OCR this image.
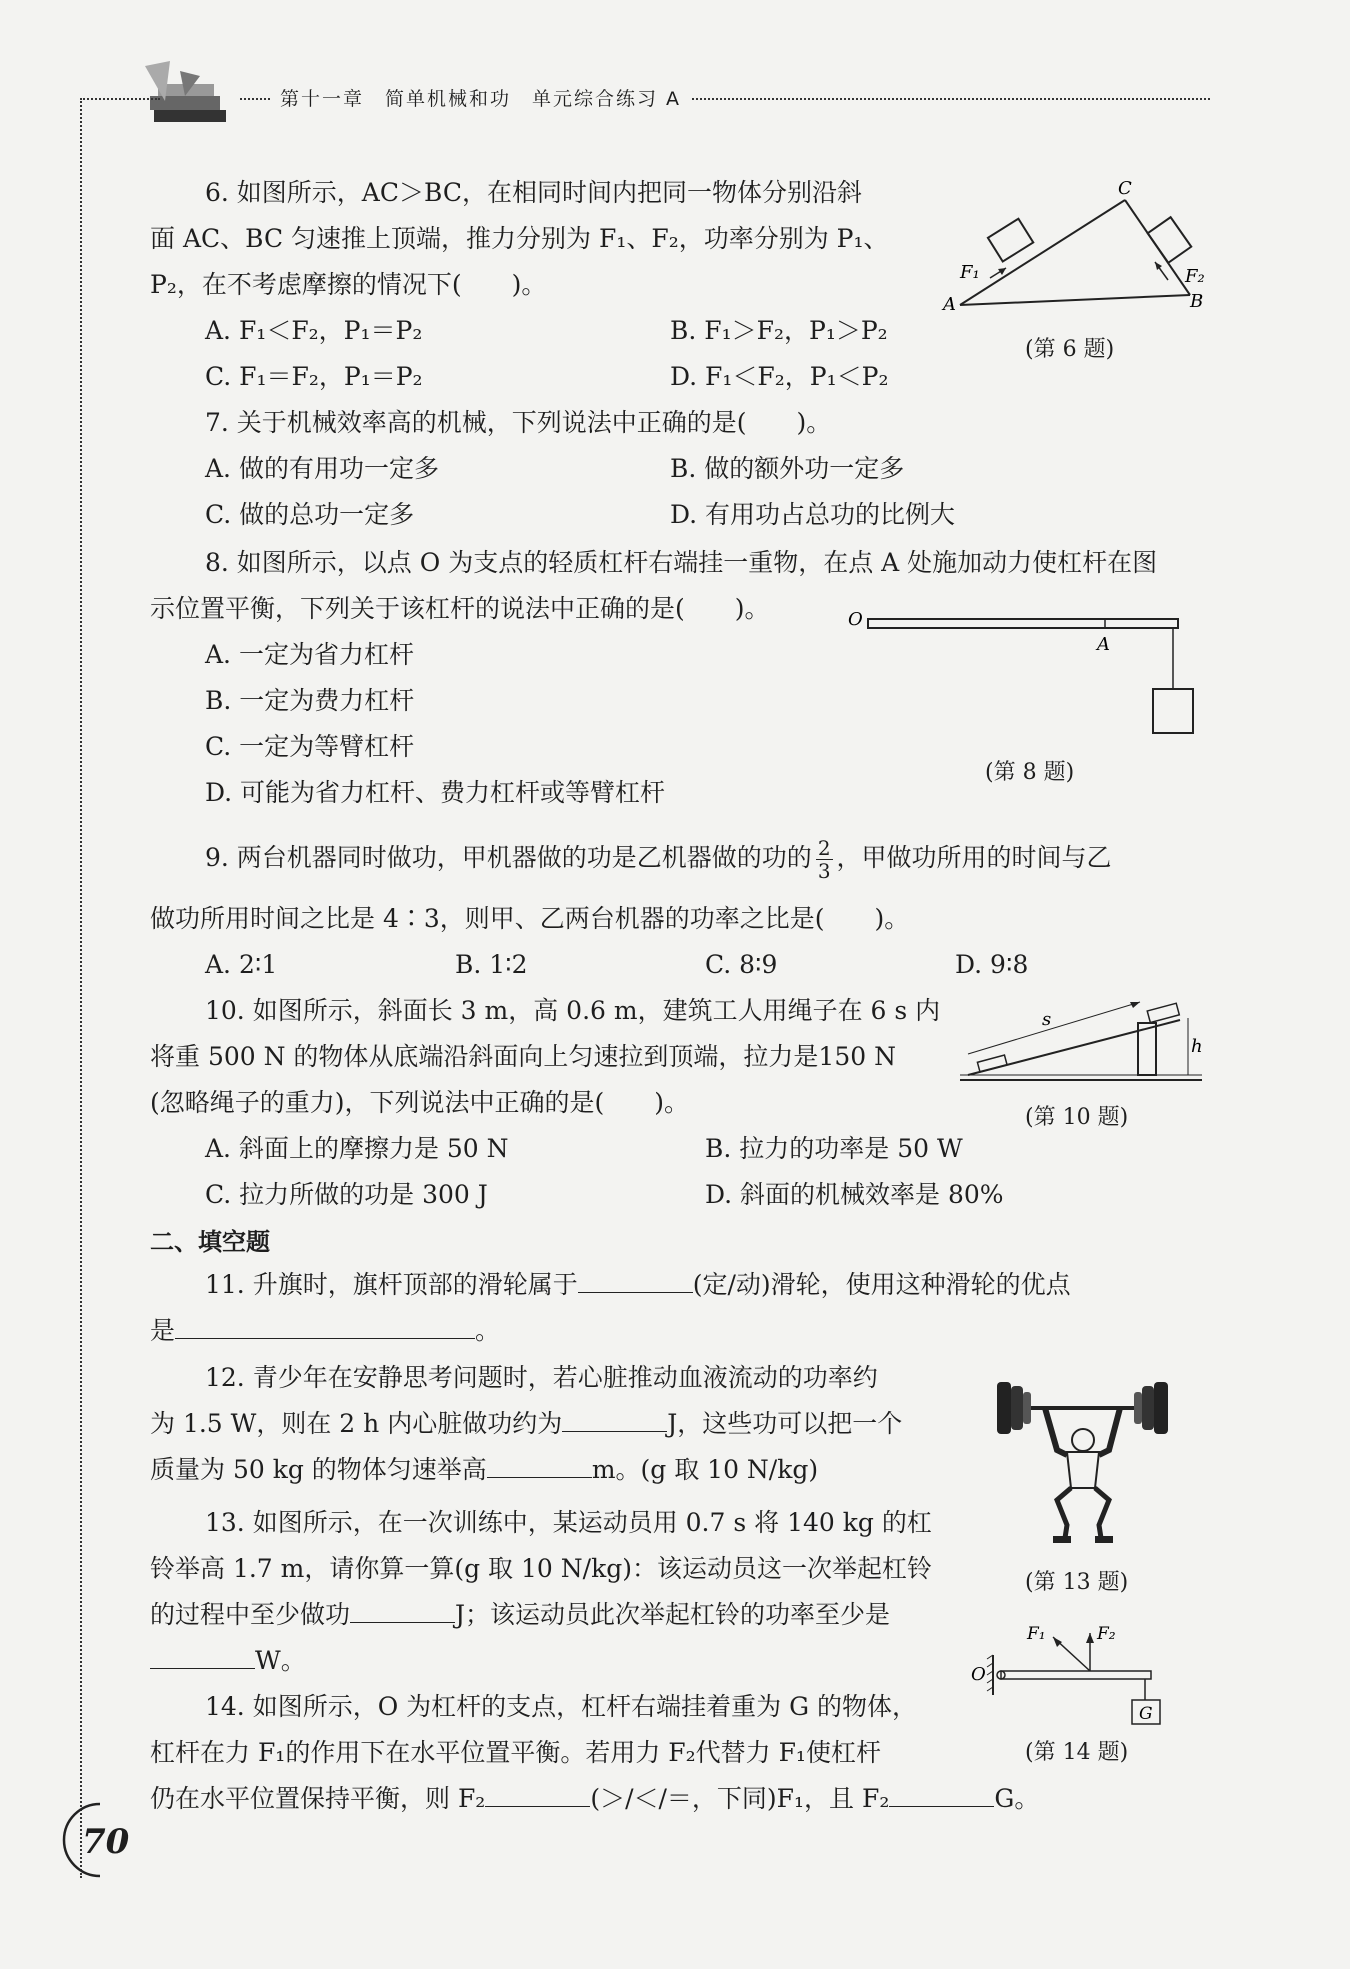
第十一章　简单机械和功　单元综合练习 A
6. 如图所示，AC＞BC，在相同时间内把同一物体分别沿斜
面 AC、BC 匀速推上顶端，推力分别为 F₁、F₂，功率分别为 P₁、
P₂，在不考虑摩擦的情况下(　　)。
A. F₁＜F₂，P₁＝P₂	B. F₁＞F₂，P₁＞P₂
C. F₁＝F₂，P₁＝P₂	D. F₁＜F₂，P₁＜P₂
A	B
C
F₁	F₂
(第 6 题)
7. 关于机械效率高的机械，下列说法中正确的是(　　)。
A. 做的有用功一定多	B. 做的额外功一定多
C. 做的总功一定多	D. 有用功占总功的比例大
8. 如图所示，以点 O 为支点的轻质杠杆右端挂一重物，在点 A 处施加动力使杠杆在图
示位置平衡，下列关于该杠杆的说法中正确的是(　　)。
A. 一定为省力杠杆
B. 一定为费力杠杆
C. 一定为等臂杠杆
D. 可能为省力杠杆、费力杠杆或等臂杠杆
O
A
(第 8 题)
9. 两台机器同时做功，甲机器做的功是乙机器做的功的 $\frac{2}{3}$ ，甲做功所用的时间与乙
做功所用时间之比是 4∶3，则甲、乙两台机器的功率之比是(　　)。
A. 2∶1	B. 1∶2	C. 8∶9	D. 9∶8
10. 如图所示，斜面长 3 m，高 0.6 m，建筑工人用绳子在 6 s 内
将重 500 N 的物体从底端沿斜面向上匀速拉到顶端，拉力是150 N
(忽略绳子的重力)，下列说法中正确的是(　　)。
A. 斜面上的摩擦力是 50 N	B. 拉力的功率是 50 W
C. 拉力所做的功是 300 J	D. 斜面的机械效率是 80%
s
h
(第 10 题)
二、填空题
11. 升旗时，旗杆顶部的滑轮属于	(定/动)滑轮，使用这种滑轮的优点
是	。
12. 青少年在安静思考问题时，若心脏推动血液流动的功率约
为 1.5 W，则在 2 h 内心脏做功约为	J，这些功可以把一个
质量为 50 kg 的物体匀速举高	m。(g 取 10 N/kg)
(第 13 题)
13. 如图所示，在一次训练中，某运动员用 0.7 s 将 140 kg 的杠
铃举高 1.7 m，请你算一算(g 取 10 N/kg)：该运动员这一次举起杠铃
的过程中至少做功	J；该运动员此次举起杠铃的功率至少是
W。
14. 如图所示，O 为杠杆的支点，杠杆右端挂着重为 G 的物体，
杠杆在力 F₁的作用下在水平位置平衡。若用力 F₂代替力 F₁使杠杆
仍在水平位置保持平衡，则 F₂	(＞/＜/＝，下同)F₁，且 F₂	G。
O
G
F₁	F₂
(第 14 题)
70
